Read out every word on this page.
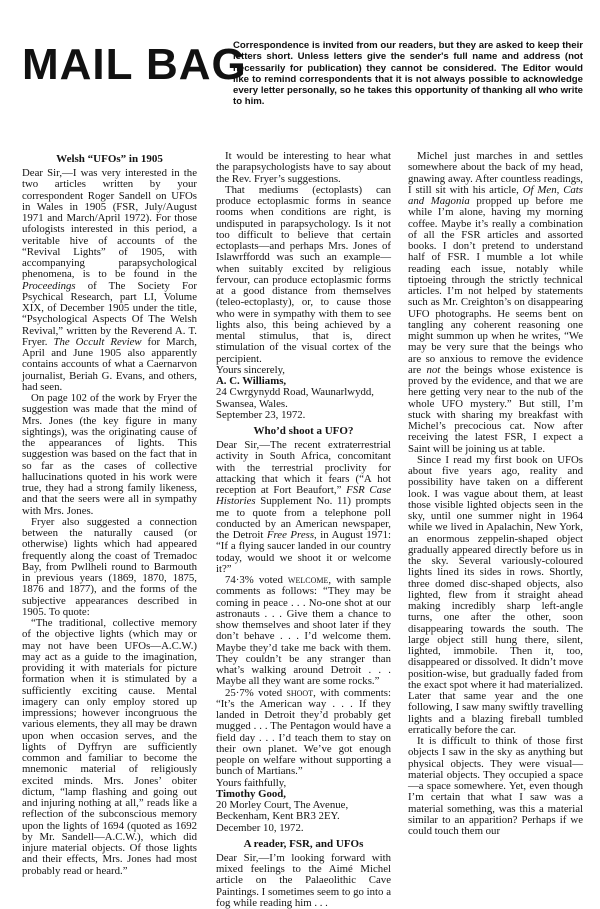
MAIL BAG
Correspondence is invited from our readers, but they are asked to keep their letters short. Unless letters give the sender's full name and address (not necessarily for publication) they cannot be considered. The Editor would like to remind correspondents that it is not always possible to acknowledge every letter personally, so he takes this opportunity of thanking all who write to him.
Welsh “UFOs” in 1905

Dear Sir,—I was very interested in the two articles written by your correspondent Roger Sandell on UFOs in Wales in 1905 (FSR, July/August 1971 and March/April 1972). For those ufologists interested in this period, a veritable hive of accounts of the “Revival Lights” of 1905, with accompanying parapsychological phenomena, is to be found in the Proceedings of The Society For Psychical Research, part LI, Volume XIX, of December 1905 under the title, “Psychological Aspects Of The Welsh Revival,” written by the Reverend A. T. Fryer. The Occult Review for March, April and June 1905 also apparently contains accounts of what a Caernarvon journalist, Beriah G. Evans, and others, had seen.

On page 102 of the work by Fryer the suggestion was made that the mind of Mrs. Jones (the key figure in many sightings), was the originating cause of the appearances of lights. This suggestion was based on the fact that in so far as the cases of collective hallucinations quoted in his work were true, they had a strong family likeness, and that the seers were all in sympathy with Mrs. Jones.

Fryer also suggested a connection between the naturally caused (or otherwise) lights which had appeared frequently along the coast of Tremadoc Bay, from Pwllheli round to Barmouth in previous years (1869, 1870, 1875, 1876 and 1877), and the forms of the subjective appearances described in 1905. To quote:

“The traditional, collective memory of the objective lights (which may or may not have been UFOs—A.C.W.) may act as a guide to the imagination, providing it with materials for picture formation when it is stimulated by a sufficiently exciting cause. Mental imagery can only employ stored up impressions; however incongruous the various elements, they all may be drawn upon when occasion serves, and the lights of Dyffryn are sufficiently common and familiar to become the mnemonic material of religiously excited minds. Mrs. Jones’ obiter dictum, “lamp flashing and going out and injuring nothing at all,” reads like a reflection of the subconscious memory upon the lights of 1694 (quoted as 1692 by Mr. Sandell—A.C.W.), which did injure material objects. Of those lights and their effects, Mrs. Jones had most probably read or heard.”

It would be interesting to hear what the parapsychologists have to say about the Rev. Fryer’s suggestions.

That mediums (ectoplasts) can produce ectoplasmic forms in seance rooms when conditions are right, is undisputed in parapsychology. Is it not too difficult to believe that certain ectoplasts—and perhaps Mrs. Jones of Islawrffordd was such an example—when suitably excited by religious fervour, can produce ectoplasmic forms at a good distance from themselves (teleo-ectoplasty), or, to cause those who were in sympathy with them to see lights also, this being achieved by a mental stimulus, that is, direct stimulation of the visual cortex of the percipient.

Yours sincerely,

A. C. Williams,

24 Cwrgynydd Road, Waunarlwydd,

Swansea, Wales.

September 23, 1972.

Who’d shoot a UFO?

Dear Sir,—The recent extraterrestrial activity in South Africa, concomitant with the terrestrial proclivity for attacking that which it fears (“A hot reception at Fort Beaufort,” FSR Case Histories Supplement No. 11) prompts me to quote from a telephone poll conducted by an American newspaper, the Detroit Free Press, in August 1971: “If a flying saucer landed in our country today, would we shoot it or welcome it?”

74·3% voted welcome, with sample comments as follows: “They may be coming in peace . . . No-one shot at our astronauts . . . Give them a chance to show themselves and shoot later if they don’t behave . . . I’d welcome them. Maybe they’d take me back with them. They couldn’t be any stranger than what’s walking around Detroit . . . Maybe all they want are some rocks.”

25·7% voted shoot, with comments: “It’s the American way . . . If they landed in Detroit they’d probably get mugged . . . The Pentagon would have a field day . . . I’d teach them to stay on their own planet. We’ve got enough people on welfare without supporting a bunch of Martians.”

Yours faithfully,

Timothy Good,

20 Morley Court, The Avenue,

Beckenham, Kent BR3 2EY.

December 10, 1972.

A reader, FSR, and UFOs

Dear Sir,—I’m looking forward with mixed feelings to the Aimé Michel article on the Palaeolithic Cave Paintings. I sometimes seem to go into a fog while reading him . . .

Michel just marches in and settles somewhere about the back of my head, gnawing away. After countless readings, I still sit with his article, Of Men, Cats and Magonia propped up before me while I’m alone, having my morning coffee. Maybe it’s really a combination of all the FSR articles and assorted books. I don’t pretend to understand half of FSR. I mumble a lot while reading each issue, notably while tiptoeing through the strictly technical articles. I’m not helped by statements such as Mr. Creighton’s on disappearing UFO photographs. He seems bent on tangling any coherent reasoning one might summon up when he writes, “We may be very sure that the beings who are so anxious to remove the evidence are not the beings whose existence is proved by the evidence, and that we are here getting very near to the nub of the whole UFO mystery.” But still, I’m stuck with sharing my breakfast with Michel’s precocious cat. Now after receiving the latest FSR, I expect a Saint will be joining us at table.

Since I read my first book on UFOs about five years ago, reality and possibility have taken on a different look. I was vague about them, at least those visible lighted objects seen in the sky, until one summer night in 1964 while we lived in Apalachin, New York, an enormous zeppelin-shaped object gradually appeared directly before us in the sky. Several variously-coloured lights lined its sides in rows. Shortly, three domed disc-shaped objects, also lighted, flew from it straight ahead making incredibly sharp left-angle turns, one after the other, soon disappearing towards the south. The large object still hung there, silent, lighted, immobile. Then it, too, disappeared or dissolved. It didn’t move position-wise, but gradually faded from the exact spot where it had materialized. Later that same year and the one following, I saw many swiftly travelling lights and a blazing fireball tumbled erratically before the car.

It is difficult to think of those first objects I saw in the sky as anything but physical objects. They were visual—material objects. They occupied a space—a space somewhere. Yet, even though I’m certain that what I saw was a material something, was this a material similar to an apparition? Perhaps if we could touch them our
